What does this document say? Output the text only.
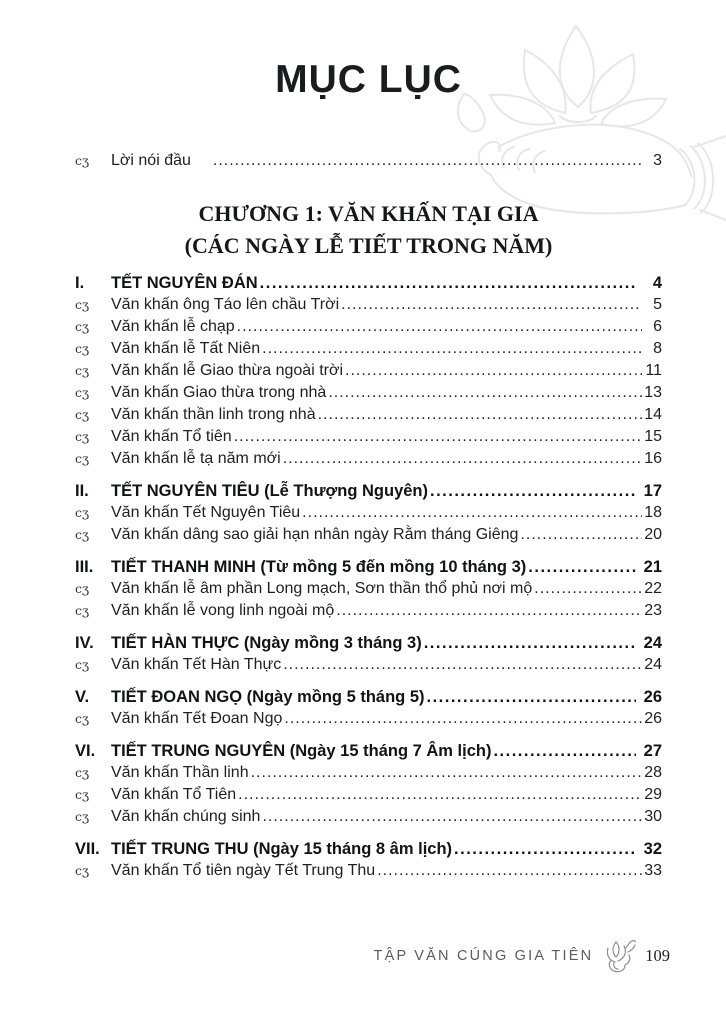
MỤC LỤC
cʒ	Lời nói đầu .....	3
CHƯƠNG 1: VĂN KHẤN TẠI GIA
(CÁC NGÀY LỄ TIẾT TRONG NĂM)
I.	TẾT NGUYÊN ĐÁN .....	4
cʒ	Văn khấn ông Táo lên chầu Trời .....	5
cʒ	Văn khấn lễ chạp .....	6
cʒ	Văn khấn lễ Tất Niên .....	8
cʒ	Văn khấn lễ Giao thừa ngoài trời .....	11
cʒ	Văn khấn Giao thừa trong nhà .....	13
cʒ	Văn khấn thần linh trong nhà .....	14
cʒ	Văn khấn Tổ tiên .....	15
cʒ	Văn khấn lễ tạ năm mới .....	16
II.	TẾT NGUYÊN TIÊU (Lễ Thượng Nguyên) .....	17
cʒ	Văn khấn Tết Nguyên Tiêu .....	18
cʒ	Văn khấn dâng sao giải hạn nhân ngày Rằm tháng Giêng .....	20
III.	TIẾT THANH MINH (Từ mồng 5 đến mồng 10 tháng 3) .....	21
cʒ	Văn khấn lễ âm phần Long mạch, Sơn thần thổ phủ nơi mộ .....	22
cʒ	Văn khấn lễ vong linh ngoài mộ .....	23
IV.	TIẾT HÀN THỰC (Ngày mồng 3 tháng 3) .....	24
cʒ	Văn khấn Tết Hàn Thực .....	24
V.	TIẾT ĐOAN NGỌ (Ngày mồng 5 tháng 5) .....	26
cʒ	Văn khấn Tết Đoan Ngọ .....	26
VI. TIẾT TRUNG NGUYÊN (Ngày 15 tháng 7 Âm lịch) .....	27
cʒ	Văn khấn Thần linh .....	28
cʒ	Văn khấn Tổ Tiên .....	29
cʒ	Văn khấn chúng sinh .....	30
VII. TIẾT TRUNG THU (Ngày 15 tháng 8 âm lịch) .....	32
cʒ	Văn khấn Tổ tiên ngày Tết Trung Thu .....	33
TẬP VĂN CÚNG GIA TIÊN	109
